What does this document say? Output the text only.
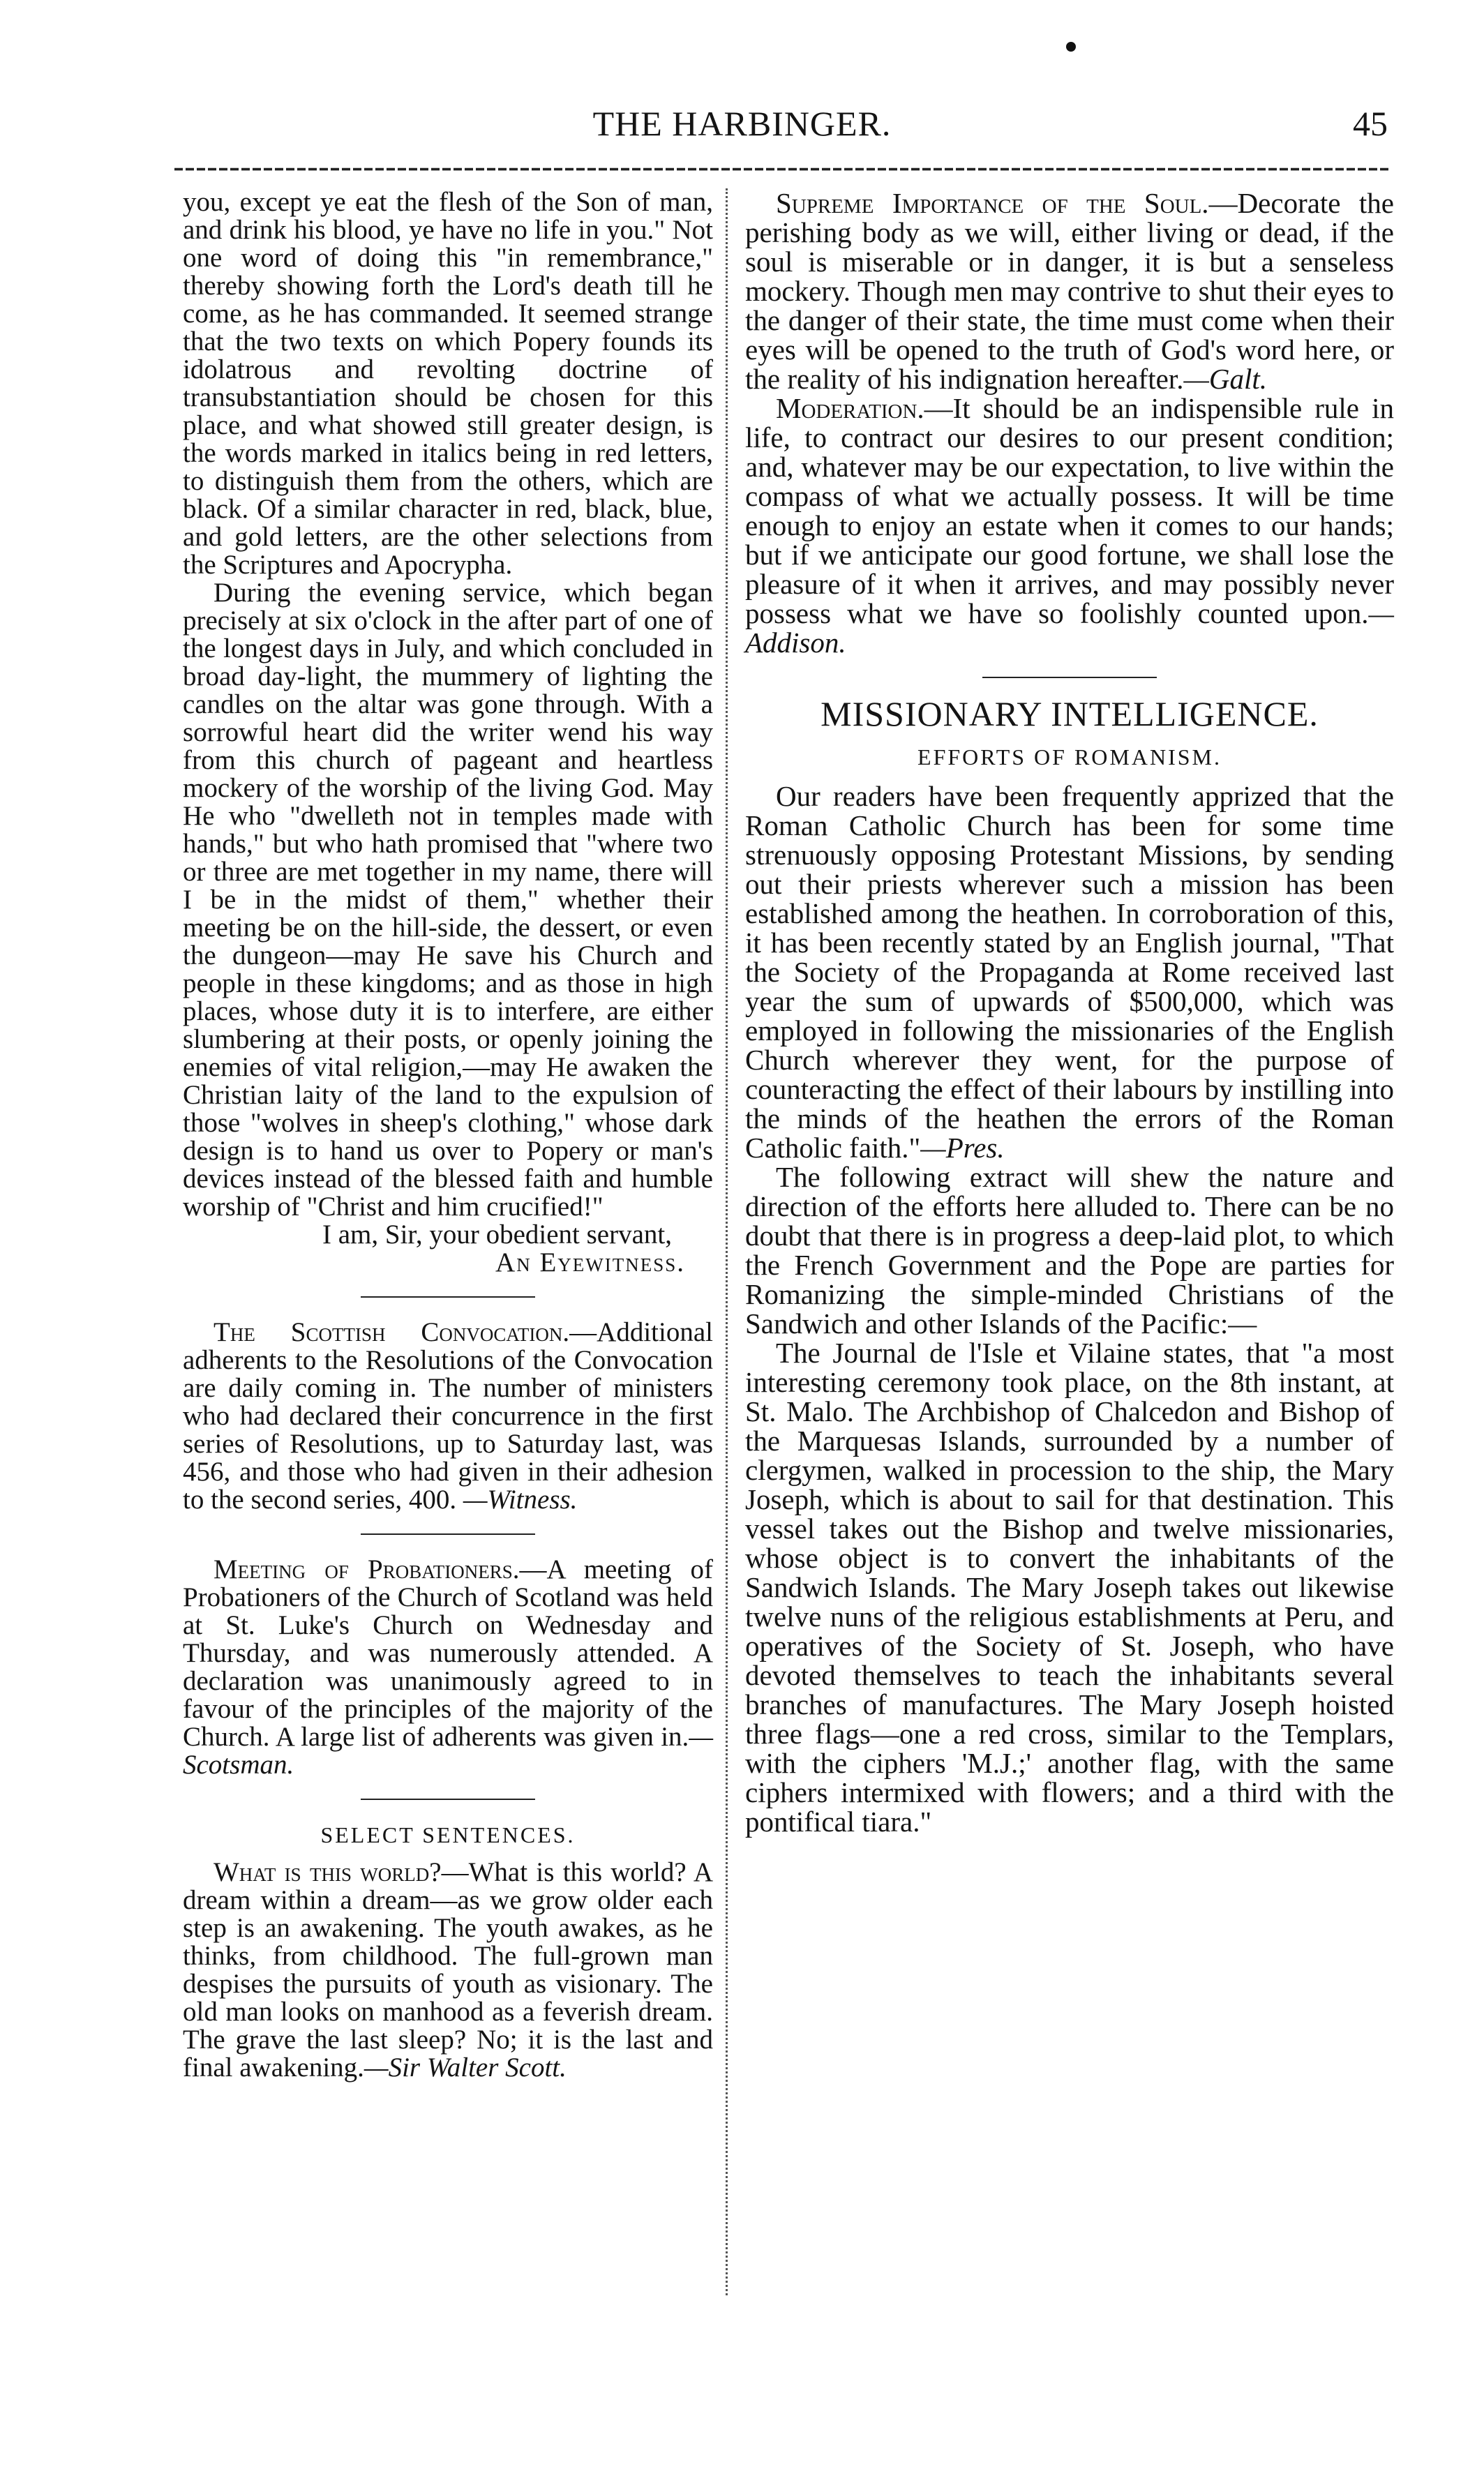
THE HARBINGER.	45

you, except ye eat the flesh of the Son of man, and drink his blood, ye have no life in you." Not one word of doing this "in remembrance," thereby showing forth the Lord's death till he come, as he has commanded. It seemed strange that the two texts on which Popery founds its idolatrous and revolting doctrine of transubstantiation should be chosen for this place, and what showed still greater design, is the words marked in italics being in red letters, to distinguish them from the others, which are black. Of a similar character in red, black, blue, and gold letters, are the other selections from the Scriptures and Apocrypha.

During the evening service, which began precisely at six o'clock in the after part of one of the longest days in July, and which concluded in broad day-light, the mummery of lighting the candles on the altar was gone through. With a sorrowful heart did the writer wend his way from this church of pageant and heartless mockery of the worship of the living God. May He who "dwelleth not in temples made with hands," but who hath promised that "where two or three are met together in my name, there will I be in the midst of them," whether their meeting be on the hill-side, the dessert, or even the dungeon—may He save his Church and people in these kingdoms; and as those in high places, whose duty it is to interfere, are either slumbering at their posts, or openly joining the enemies of vital religion,—may He awaken the Christian laity of the land to the expulsion of those "wolves in sheep's clothing," whose dark design is to hand us over to Popery or man's devices instead of the blessed faith and humble worship of "Christ and him crucified!"

I am, Sir, your obedient servant,

An Eyewitness.

The Scottish Convocation.—Additional adherents to the Resolutions of the Convocation are daily coming in. The number of ministers who had declared their concurrence in the first series of Resolutions, up to Saturday last, was 456, and those who had given in their adhesion to the second series, 400. —Witness.

Meeting of Probationers.—A meeting of Probationers of the Church of Scotland was held at St. Luke's Church on Wednesday and Thursday, and was numerously attended. A declaration was unanimously agreed to in favour of the principles of the majority of the Church. A large list of adherents was given in.—Scotsman.

SELECT SENTENCES.

What is this world?—What is this world? A dream within a dream—as we grow older each step is an awakening. The youth awakes, as he thinks, from childhood. The full-grown man despises the pursuits of youth as visionary. The old man looks on manhood as a feverish dream. The grave the last sleep? No; it is the last and final awakening.—Sir Walter Scott.

Supreme Importance of the Soul.—Decorate the perishing body as we will, either living or dead, if the soul is miserable or in danger, it is but a senseless mockery. Though men may contrive to shut their eyes to the danger of their state, the time must come when their eyes will be opened to the truth of God's word here, or the reality of his indignation hereafter.—Galt.

Moderation.—It should be an indispensible rule in life, to contract our desires to our present condition; and, whatever may be our expectation, to live within the compass of what we actually possess. It will be time enough to enjoy an estate when it comes to our hands; but if we anticipate our good fortune, we shall lose the pleasure of it when it arrives, and may possibly never possess what we have so foolishly counted upon.—Addison.

MISSIONARY INTELLIGENCE.
EFFORTS OF ROMANISM.

Our readers have been frequently apprized that the Roman Catholic Church has been for some time strenuously opposing Protestant Missions, by sending out their priests wherever such a mission has been established among the heathen. In corroboration of this, it has been recently stated by an English journal, "That the Society of the Propaganda at Rome received last year the sum of upwards of $500,000, which was employed in following the missionaries of the English Church wherever they went, for the purpose of counteracting the effect of their labours by instilling into the minds of the heathen the errors of the Roman Catholic faith."—Pres.

The following extract will shew the nature and direction of the efforts here alluded to. There can be no doubt that there is in progress a deep-laid plot, to which the French Government and the Pope are parties for Romanizing the simple-minded Christians of the Sandwich and other Islands of the Pacific:—

The Journal de l'Isle et Vilaine states, that "a most interesting ceremony took place, on the 8th instant, at St. Malo. The Archbishop of Chalcedon and Bishop of the Marquesas Islands, surrounded by a number of clergymen, walked in procession to the ship, the Mary Joseph, which is about to sail for that destination. This vessel takes out the Bishop and twelve missionaries, whose object is to convert the inhabitants of the Sandwich Islands. The Mary Joseph takes out likewise twelve nuns of the religious establishments at Peru, and operatives of the Society of St. Joseph, who have devoted themselves to teach the inhabitants several branches of manufactures. The Mary Joseph hoisted three flags—one a red cross, similar to the Templars, with the ciphers 'M.J.;' another flag, with the same ciphers intermixed with flowers; and a third with the pontifical tiara."
